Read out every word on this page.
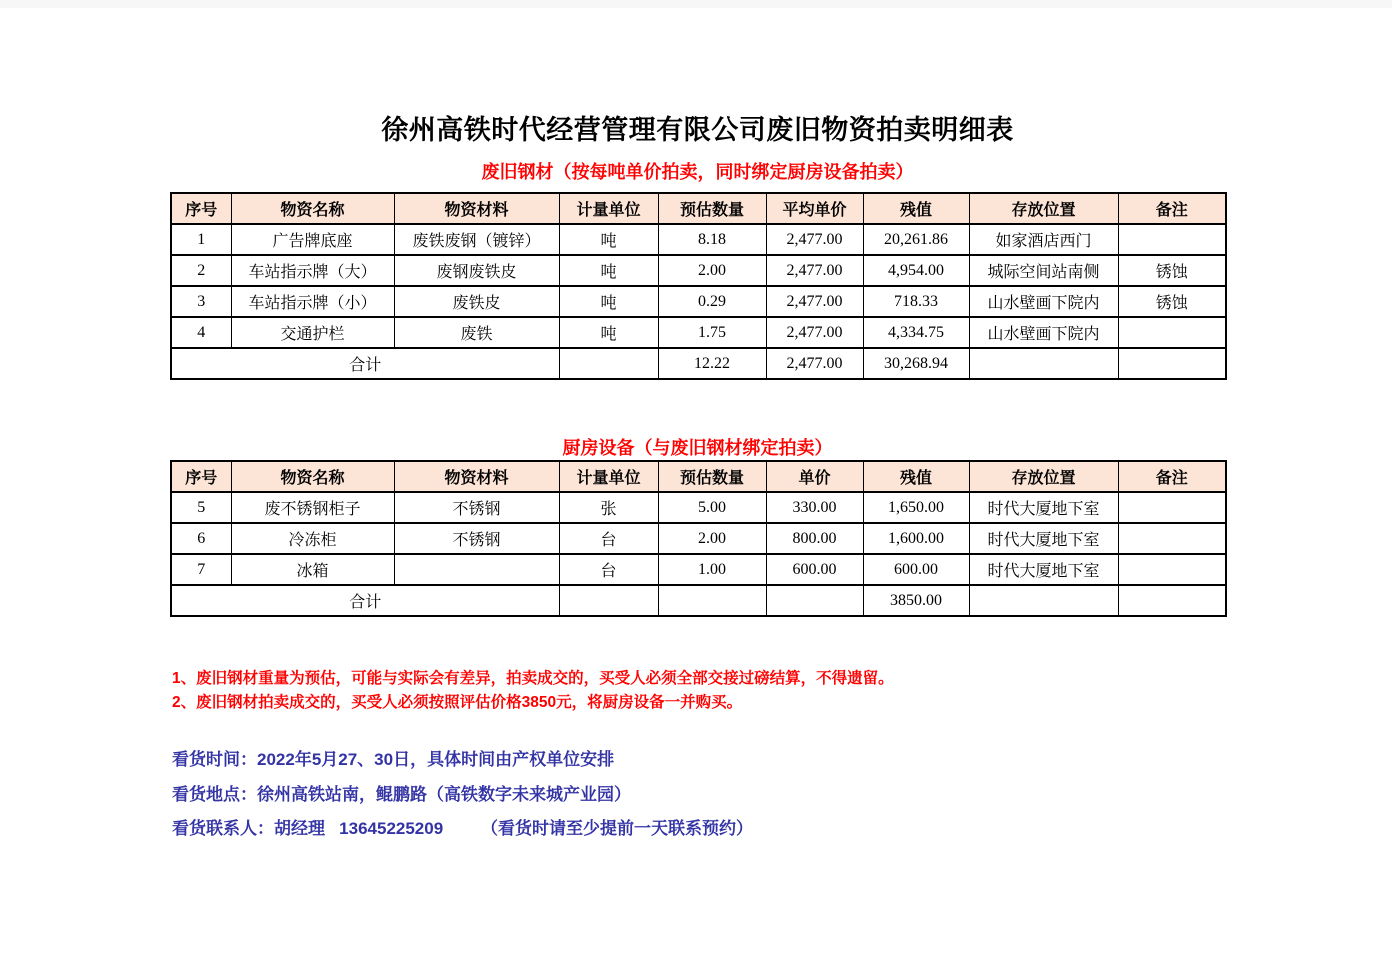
徐州高铁时代经营管理有限公司废旧物资拍卖明细表
废旧钢材（按每吨单价拍卖，同时绑定厨房设备拍卖）
序号	物资名称	物资材料	计量单位	预估数量	平均单价	残值	存放位置	备注
1	广告牌底座	废铁废钢（镀锌）	吨	8.18	2,477.00	20,261.86	如家酒店西门	
2	车站指示牌（大）	废钢废铁皮	吨	2.00	2,477.00	4,954.00	城际空间站南侧	锈蚀
3	车站指示牌（小）	废铁皮	吨	0.29	2,477.00	718.33	山水壁画下院内	锈蚀
4	交通护栏	废铁	吨	1.75	2,477.00	4,334.75	山水壁画下院内	
合计				12.22	2,477.00	30,268.94		
厨房设备（与废旧钢材绑定拍卖）
序号	物资名称	物资材料	计量单位	预估数量	单价	残值	存放位置	备注
5	废不锈钢柜子	不锈钢	张	5.00	330.00	1,650.00	时代大厦地下室	
6	冷冻柜	不锈钢	台	2.00	800.00	1,600.00	时代大厦地下室	
7	冰箱		台	1.00	600.00	600.00	时代大厦地下室	
合计						3850.00		
1、废旧钢材重量为预估，可能与实际会有差异，拍卖成交的，买受人必须全部交接过磅结算，不得遗留。
2、废旧钢材拍卖成交的，买受人必须按照评估价格3850元，将厨房设备一并购买。
看货时间：2022年5月27、30日，具体时间由产权单位安排
看货地点：徐州高铁站南，鲲鹏路（高铁数字未来城产业园）
看货联系人：胡经理   13645225209        （看货时请至少提前一天联系预约）
